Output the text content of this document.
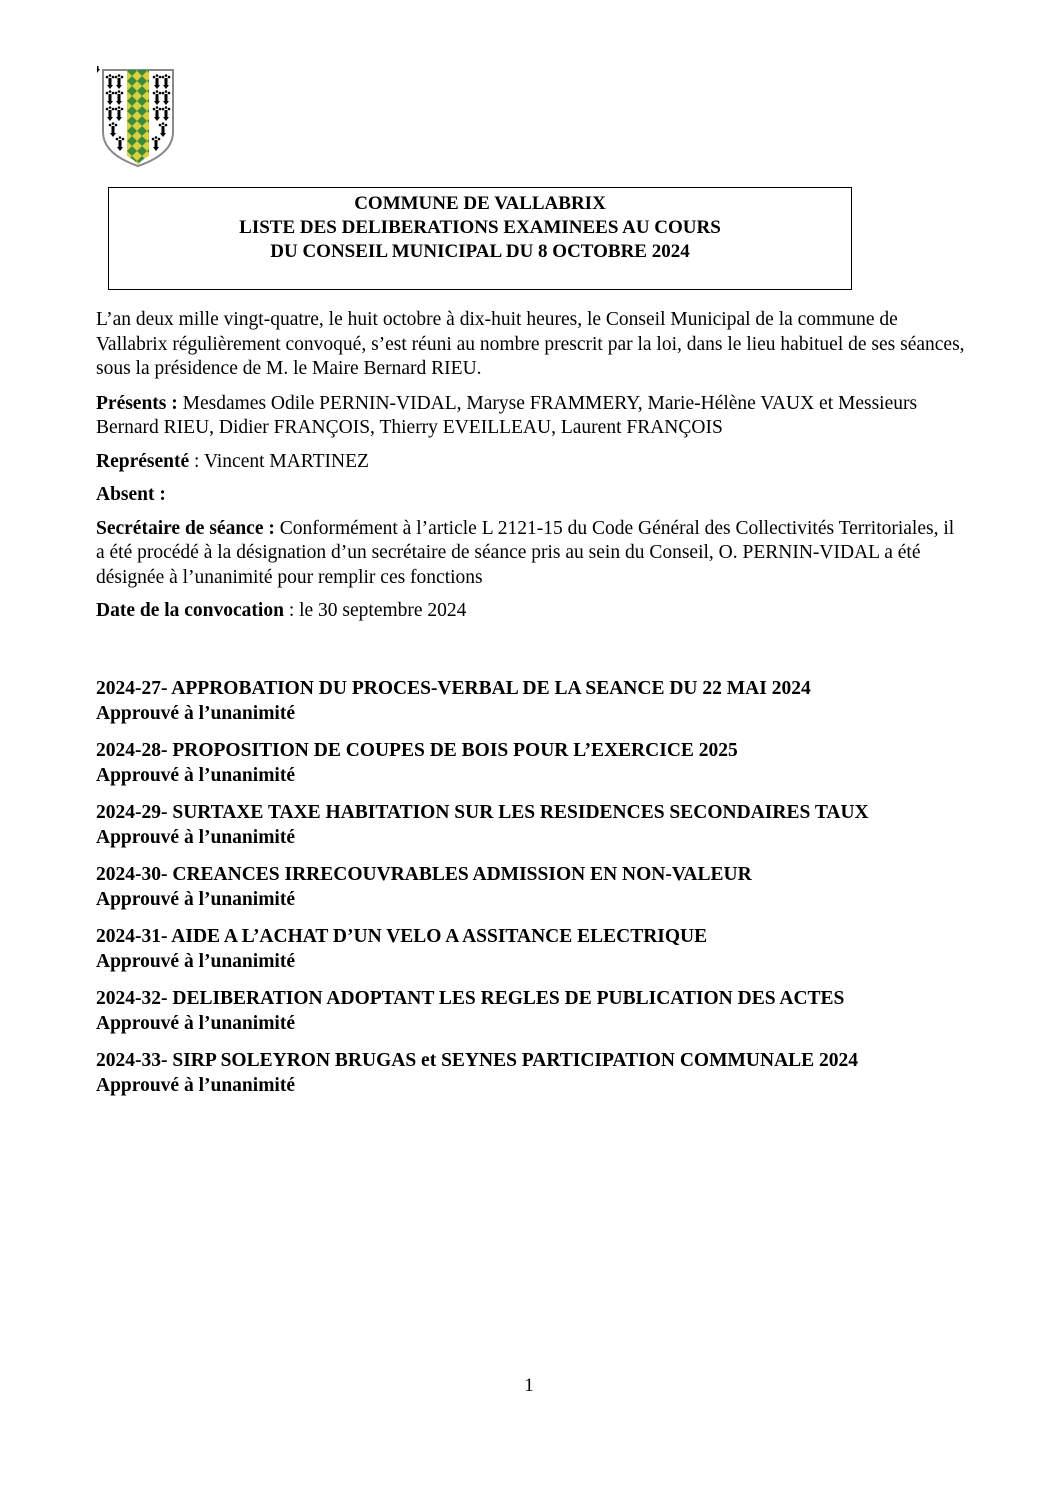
COMMUNE DE VALLABRIX
LISTE DES DELIBERATIONS EXAMINEES AU COURS
DU CONSEIL MUNICIPAL DU 8 OCTOBRE 2024

L’an deux mille vingt-quatre, le huit octobre à dix-huit heures, le Conseil Municipal de la commune de Vallabrix régulièrement convoqué, s’est réuni au nombre prescrit par la loi, dans le lieu habituel de ses séances, sous la présidence de M. le Maire Bernard RIEU.

Présents : Mesdames Odile PERNIN-VIDAL, Maryse FRAMMERY, Marie-Hélène VAUX et Messieurs Bernard RIEU, Didier FRANÇOIS, Thierry EVEILLEAU, Laurent FRANÇOIS

Représenté : Vincent MARTINEZ

Absent :

Secrétaire de séance : Conformément à l’article L 2121-15 du Code Général des Collectivités Territoriales, il a été procédé à la désignation d’un secrétaire de séance pris au sein du Conseil, O. PERNIN-VIDAL a été désignée à l’unanimité pour remplir ces fonctions

Date de la convocation : le 30 septembre 2024

2024-27- APPROBATION DU PROCES-VERBAL DE LA SEANCE DU 22 MAI 2024
Approuvé à l’unanimité
2024-28- PROPOSITION DE COUPES DE BOIS POUR L’EXERCICE 2025
Approuvé à l’unanimité
2024-29- SURTAXE TAXE HABITATION SUR LES RESIDENCES SECONDAIRES TAUX
Approuvé à l’unanimité
2024-30- CREANCES IRRECOUVRABLES ADMISSION EN NON-VALEUR
Approuvé à l’unanimité
2024-31- AIDE A L’ACHAT D’UN VELO A ASSITANCE ELECTRIQUE
Approuvé à l’unanimité
2024-32- DELIBERATION ADOPTANT LES REGLES DE PUBLICATION DES ACTES
Approuvé à l’unanimité
2024-33- SIRP SOLEYRON BRUGAS et SEYNES PARTICIPATION COMMUNALE 2024
Approuvé à l’unanimité
1
